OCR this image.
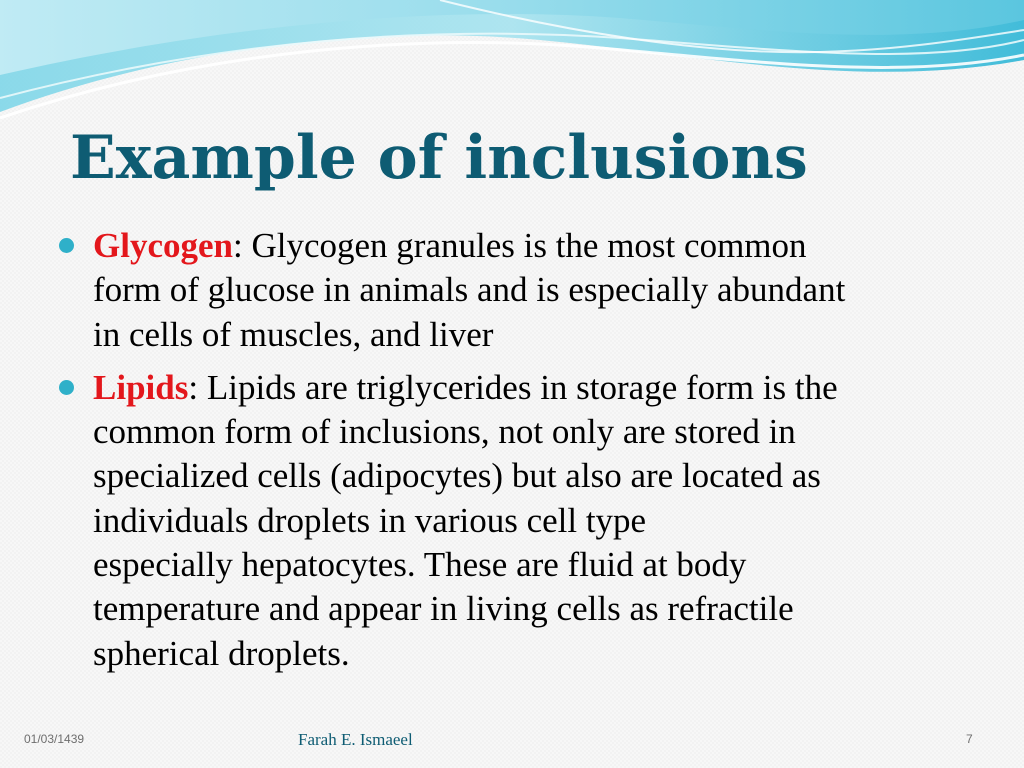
Example of inclusions
Glycogen: Glycogen granules is the most common
form of glucose in animals and is especially abundant
in cells of muscles, and liver
Lipids: Lipids are triglycerides in storage form is the
common form of inclusions, not only are stored in
specialized cells (adipocytes) but also are located as
individuals droplets in various cell type
especially hepatocytes. These are fluid at body
temperature and appear in living cells as refractile
spherical droplets.
01/03/1439	Farah E. Ismaeel	7
